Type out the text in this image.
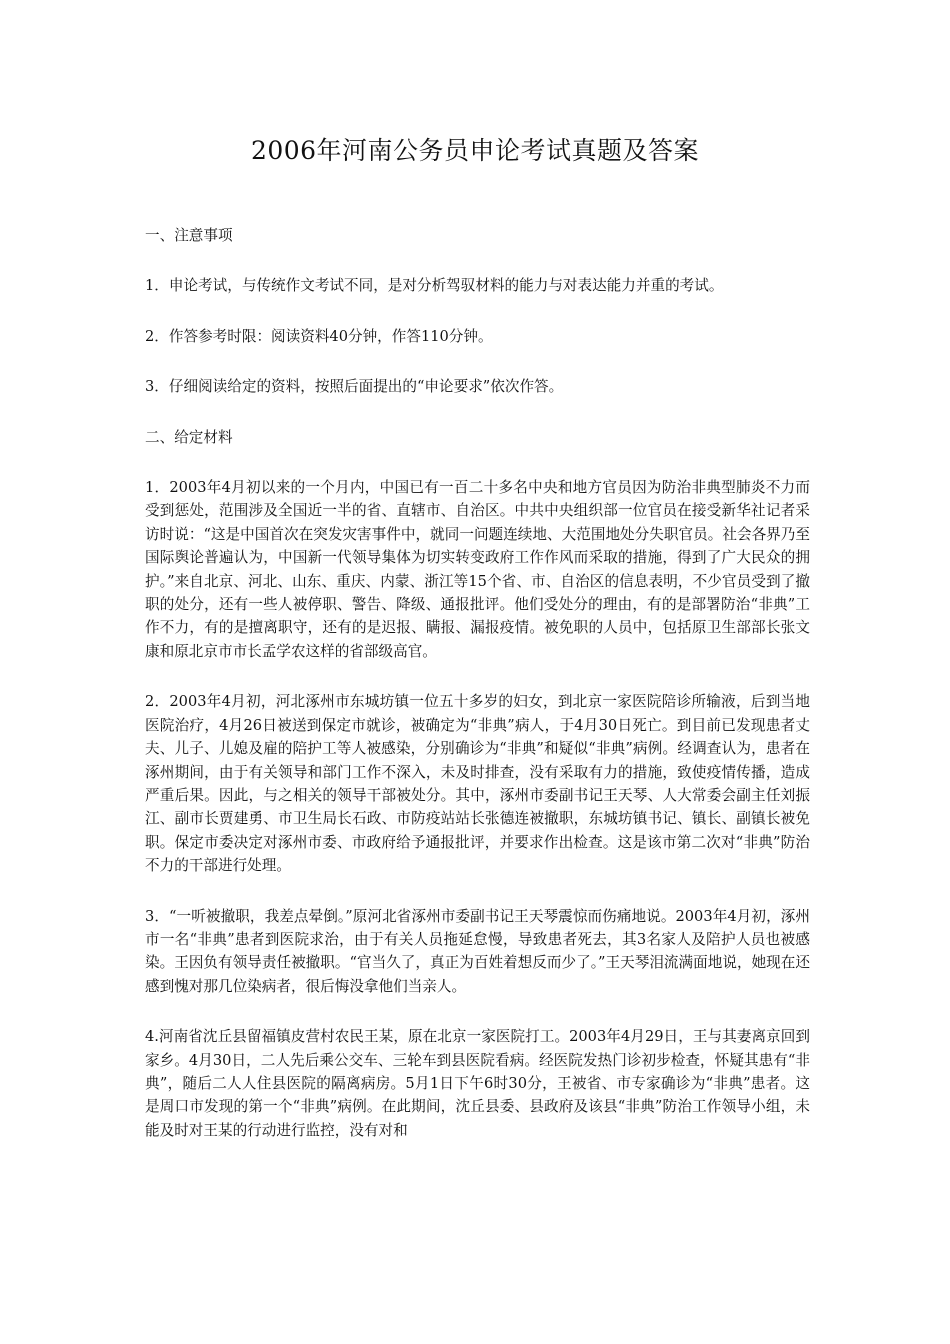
2006年河南公务员申论考试真题及答案

一、注意事项

1．申论考试，与传统作文考试不同，是对分析驾驭材料的能力与对表达能力并重的考试。

2．作答参考时限：阅读资料40分钟，作答110分钟。

3．仔细阅读给定的资料，按照后面提出的“申论要求”依次作答。

二、给定材料

1．2003年4月初以来的一个月内，中国已有一百二十多名中央和地方官员因为防治非典型肺炎不力而受到惩处，范围涉及全国近一半的省、直辖市、自治区。中共中央组织部一位官员在接受新华社记者采访时说：“这是中国首次在突发灾害事件中，就同一问题连续地、大范围地处分失职官员。社会各界乃至国际舆论普遍认为，中国新一代领导集体为切实转变政府工作作风而采取的措施，得到了广大民众的拥护。”来自北京、河北、山东、重庆、内蒙、浙江等15个省、市、自治区的信息表明，不少官员受到了撤职的处分，还有一些人被停职、警告、降级、通报批评。他们受处分的理由，有的是部署防治“非典”工作不力，有的是擅离职守，还有的是迟报、瞒报、漏报疫情。被免职的人员中，包括原卫生部部长张文康和原北京市市长孟学农这样的省部级高官。

2．2003年4月初，河北涿州市东城坊镇一位五十多岁的妇女，到北京一家医院陪诊所输液，后到当地医院治疗，4月26日被送到保定市就诊，被确定为“非典”病人，于4月30日死亡。到目前已发现患者丈夫、儿子、儿媳及雇的陪护工等人被感染，分别确诊为“非典”和疑似“非典”病例。经调查认为，患者在涿州期间，由于有关领导和部门工作不深入，未及时排查，没有采取有力的措施，致使疫情传播，造成严重后果。因此，与之相关的领导干部被处分。其中，涿州市委副书记王天琴、人大常委会副主任刘振江、副市长贾建勇、市卫生局长石政、市防疫站站长张德连被撤职，东城坊镇书记、镇长、副镇长被免职。保定市委决定对涿州市委、市政府给予通报批评，并要求作出检查。这是该市第二次对“非典”防治不力的干部进行处理。

3．“一听被撤职，我差点晕倒。”原河北省涿州市委副书记王天琴震惊而伤痛地说。2003年4月初，涿州市一名“非典”患者到医院求治，由于有关人员拖延怠慢，导致患者死去，其3名家人及陪护人员也被感染。王因负有领导责任被撤职。“官当久了，真正为百姓着想反而少了。”王天琴泪流满面地说，她现在还感到愧对那几位染病者，很后悔没拿他们当亲人。

4.河南省沈丘县留福镇皮营村农民王某，原在北京一家医院打工。2003年4月29日，王与其妻离京回到家乡。4月30日，二人先后乘公交车、三轮车到县医院看病。经医院发热门诊初步检查，怀疑其患有“非典”，随后二人人住县医院的隔离病房。5月1日下午6时30分，王被省、市专家确诊为“非典”患者。这是周口市发现的第一个“非典”病例。在此期间，沈丘县委、县政府及该县“非典”防治工作领导小组，未能及时对王某的行动进行监控，没有对和
